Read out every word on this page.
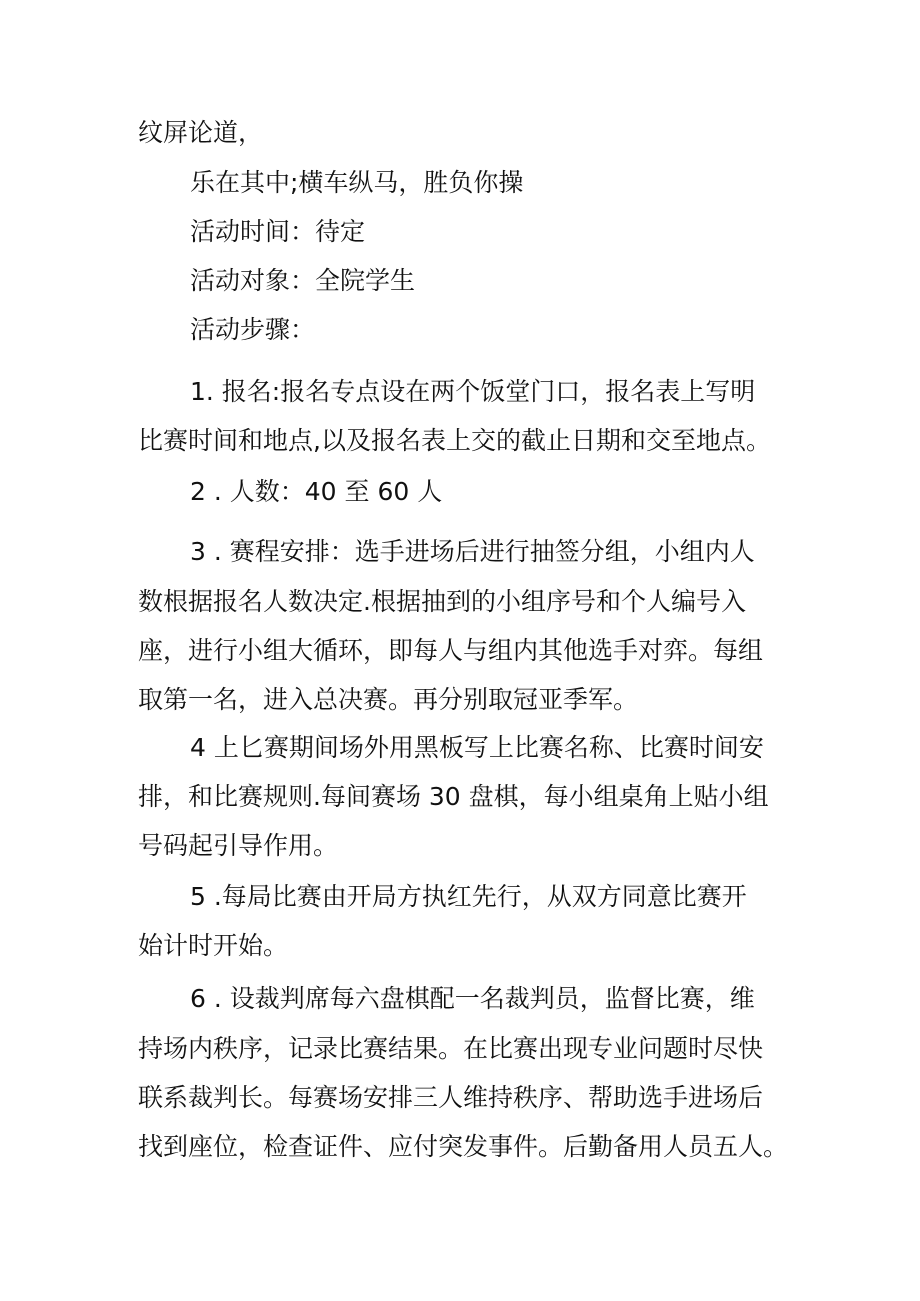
纹屏论道，
乐在其中;横车纵马，胜负你操
活动时间：待定
活动对象：全院学生
活动步骤：
1. 报名:报名专点设在两个饭堂门口，报名表上写明
比赛时间和地点,以及报名表上交的截止日期和交至地点。
2 . 人数：40 至 60 人
3 . 赛程安排：选手进场后进行抽签分组，小组内人
数根据报名人数决定.根据抽到的小组序号和个人编号入
座，进行小组大循环，即每人与组内其他选手对弈。每组
取第一名，进入总决赛。再分别取冠亚季军。
4 上匕赛期间场外用黑板写上比赛名称、比赛时间安
排，和比赛规则.每间赛场 30 盘棋，每小组桌角上贴小组
号码起引导作用。
5 .每局比赛由开局方执红先行，从双方同意比赛开
始计时开始。
6 . 设裁判席每六盘棋配一名裁判员，监督比赛，维
持场内秩序，记录比赛结果。在比赛出现专业问题时尽快
联系裁判长。每赛场安排三人维持秩序、帮助选手进场后
找到座位，检查证件、应付突发事件。后勤备用人员五人。
